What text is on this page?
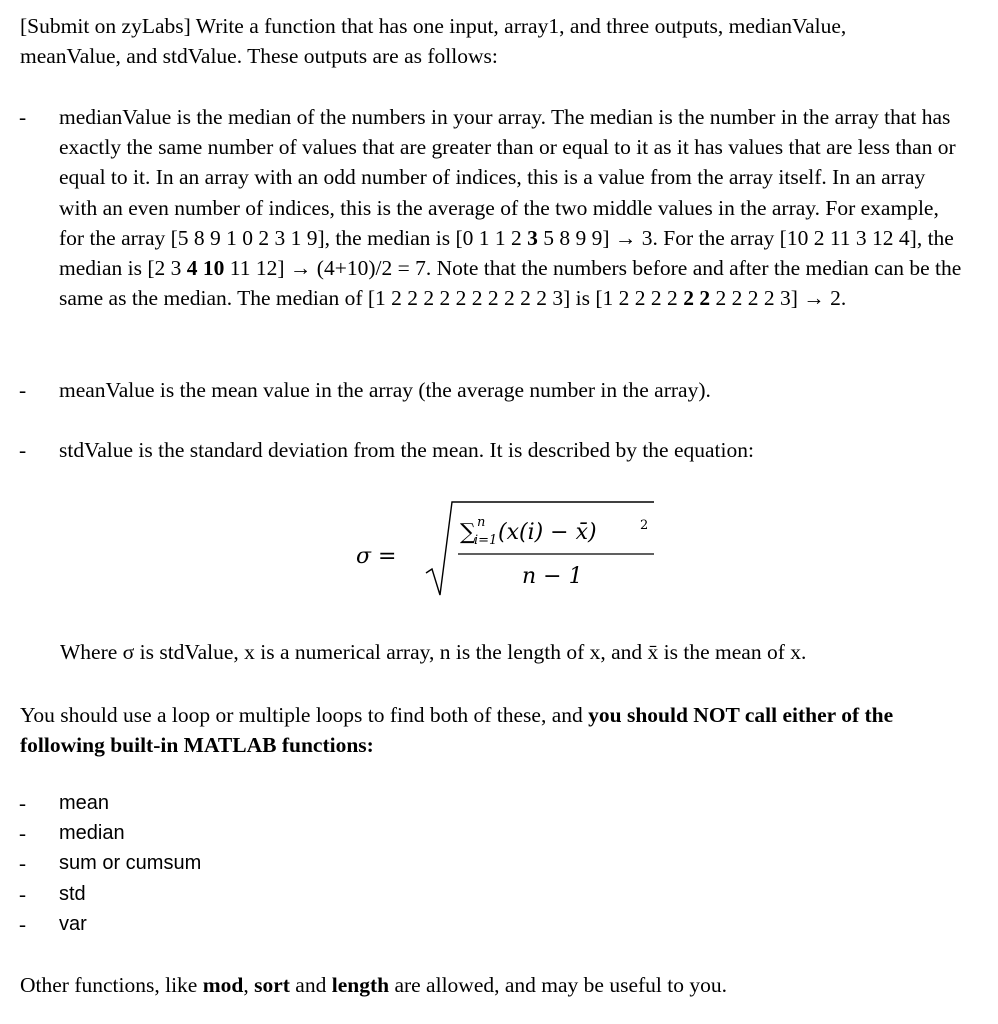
[Submit on zyLabs] Write a function that has one input, array1, and three outputs, medianValue,
meanValue, and stdValue. These outputs are as follows:

-	medianValue is the median of the numbers in your array. The median is the number in the array that has exactly the same number of values that are greater than or equal to it as it has values that are less than or equal to it. In an array with an odd number of indices, this is a value from the array itself. In an array with an even number of indices, this is the average of the two middle values in the array. For example, for the array [5 8 9 1 0 2 3 1 9], the median is [0 1 1 2 3 5 8 9 9] → 3. For the array [10 2 11 3 12 4], the median is [2 3 4 10 11 12] → (4+10)/2 = 7. Note that the numbers before and after the median can be the same as the median. The median of [1 2 2 2 2 2 2 2 2 2 2 3] is [1 2 2 2 2 2 2 2 2 2 2 3] → 2.
-	meanValue is the mean value in the array (the average number in the array).
-	stdValue is the standard deviation from the mean. It is described by the equation:
σ =
∑ n
i=1 (x(i) − x̄)	2
n − 1

Where σ is stdValue, x is a numerical array, n is the length of x, and x̄ is the mean of x.

You should use a loop or multiple loops to find both of these, and you should NOT call either of the following built-in MATLAB functions:

-	mean
-	median
-	sum or cumsum
-	std
-	var

Other functions, like mod, sort and length are allowed, and may be useful to you.
